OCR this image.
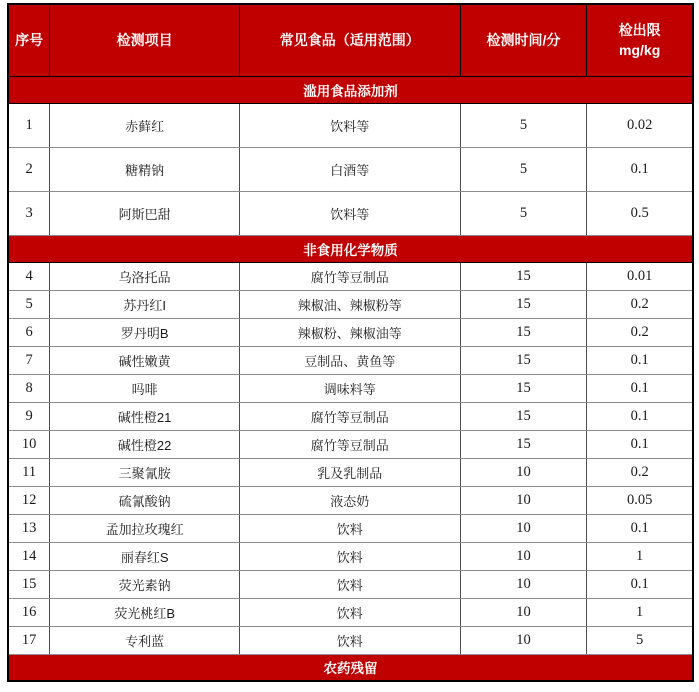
序号	检测项目	常见食品（适用范围）	检测时间/分	检出限
mg/kg

滥用食品添加剂				
1	赤藓红	饮料等	5	0.02
2	糖精钠	白酒等	5	0.1
3	阿斯巴甜	饮料等	5	0.5
非食用化学物质				
4	乌洛托品	腐竹等豆制品	15	0.01
5	苏丹红I	辣椒油、辣椒粉等	15	0.2
6	罗丹明B	辣椒粉、辣椒油等	15	0.2
7	碱性嫩黄	豆制品、黄鱼等	15	0.1
8	吗啡	调味料等	15	0.1
9	碱性橙21	腐竹等豆制品	15	0.1
10	碱性橙22	腐竹等豆制品	15	0.1
11	三聚氰胺	乳及乳制品	10	0.2
12	硫氰酸钠	液态奶	10	0.05
13	孟加拉玫瑰红	饮料	10	0.1
14	丽春红S	饮料	10	1
15	荧光素钠	饮料	10	0.1
16	荧光桃红B	饮料	10	1
17	专利蓝	饮料	10	5
农药残留				
